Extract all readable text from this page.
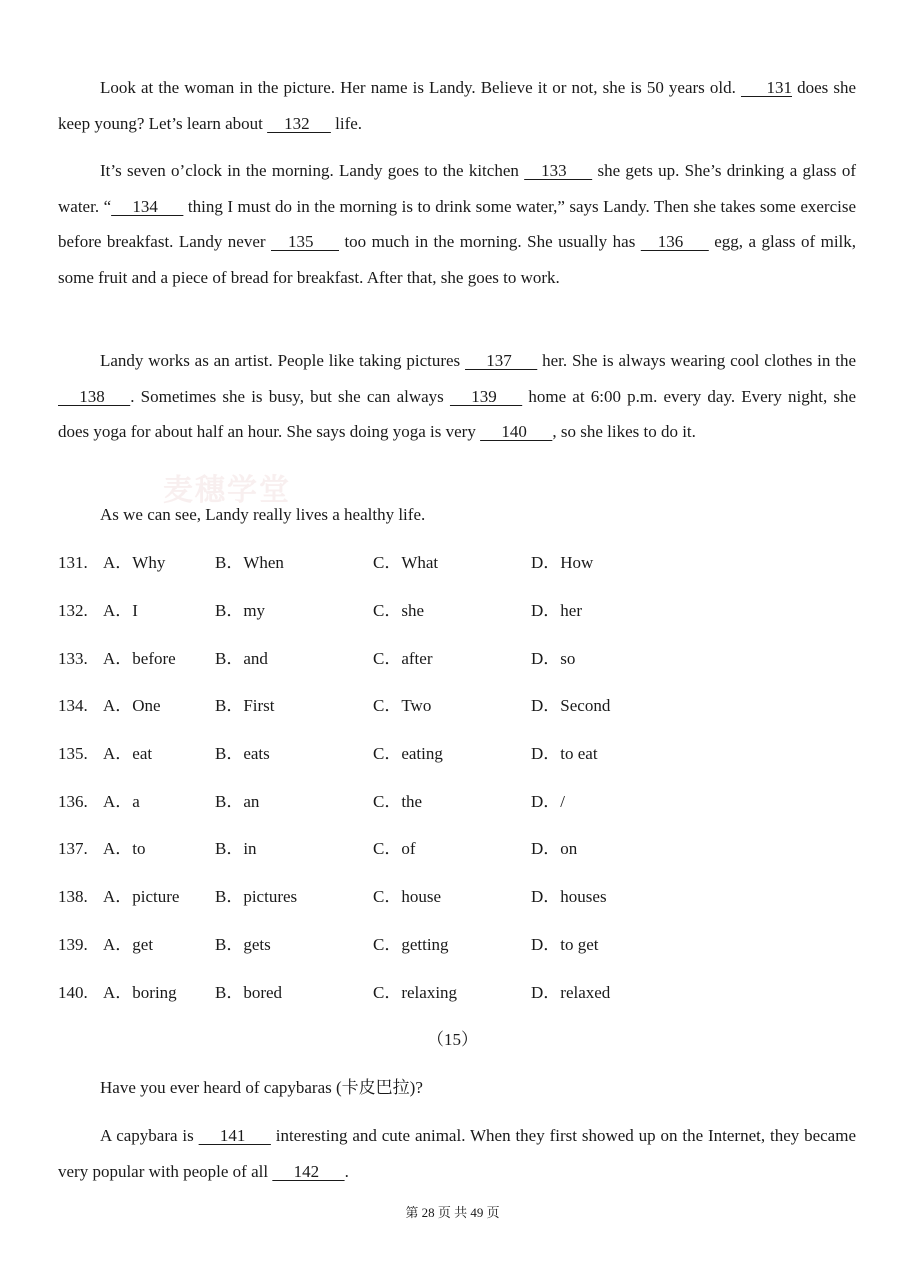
Look at the woman in the picture. Her name is Landy. Believe it or not, she is 50 years old.       131 does she keep young? Let’s learn about     132      life.

It’s seven o’clock in the morning. Landy goes to the kitchen     133       she gets up. She’s drinking a glass of water. “     134       thing I must do in the morning is to drink some water,” says Landy. Then she takes some exercise before breakfast. Landy never     135       too much in the morning. She usually has     136       egg, a glass of milk, some fruit and a piece of bread for breakfast. After that, she goes to work.

Landy works as an artist. People like taking pictures      137       her. She is always wearing cool clothes in the      138      . Sometimes she is busy, but she can always      139       home at 6:00 p.m. every day. Every night, she does yoga for about half an hour. She says doing yoga is very      140      , so she likes to do it.

麦穗学堂

As we can see, Landy really lives a healthy life.

131. A．Why	B．When	C．What	D．How
132. A．I	B．my	C．she	D．her
133. A．before B．and	C．after	D．so
134. A．One	B．First	C．Two	D．Second
135. A．eat	B．eats	C．eating	D．to eat
136. A．a	B．an	C．the	D．/
137. A．to	B．in	C．of	D．on
138. A．picture B．pictures	C．house	D．houses
139. A．get	B．gets	C．getting	D．to get
140. A．boring B．bored	C．relaxing	D．relaxed
（15）

Have you ever heard of capybaras (卡皮巴拉)?

A capybara is      141       interesting and cute animal. When they first showed up on the Internet, they became very popular with people of all      142      .

第 28 页 共 49 页
